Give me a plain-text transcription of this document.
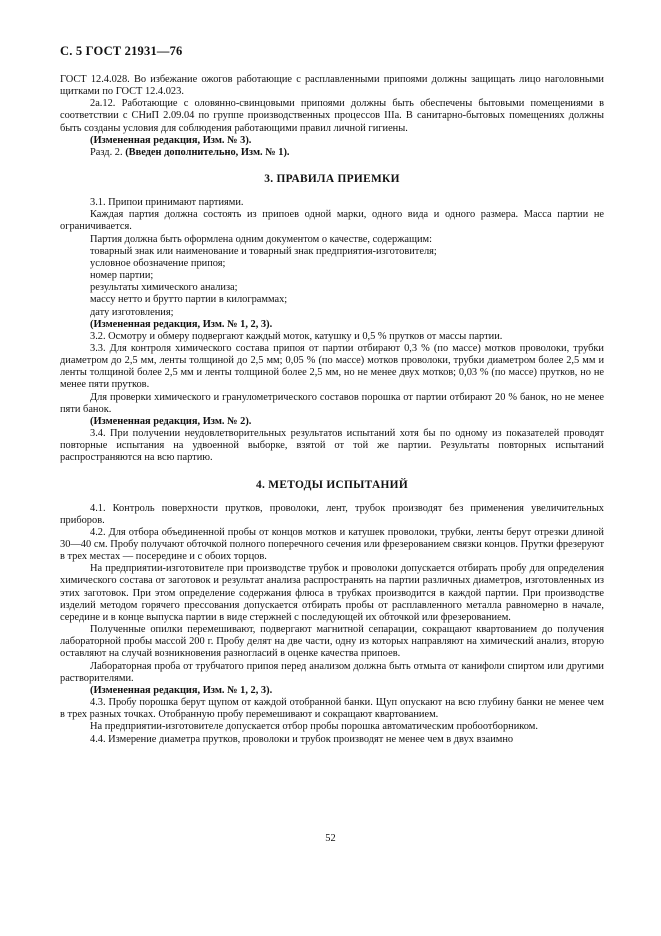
С. 5 ГОСТ 21931—76

ГОСТ 12.4.028. Во избежание ожогов работающие с расплавленными припоями должны защищать лицо наголовными щитками по ГОСТ 12.4.023.

2а.12. Работающие с оловянно-свинцовыми припоями должны быть обеспечены бытовыми помещениями в соответствии с СНиП 2.09.04 по группе производственных процессов IIIа. В санитарно-бытовых помещениях должны быть созданы условия для соблюдения работающими правил личной гигиены.

(Измененная редакция, Изм. № 3).

Разд. 2. (Введен дополнительно, Изм. № 1).

3. ПРАВИЛА ПРИЕМКИ

3.1. Припои принимают партиями.

Каждая партия должна состоять из припоев одной марки, одного вида и одного размера. Масса партии не ограничивается.

Партия должна быть оформлена одним документом о качестве, содержащим:

товарный знак или наименование и товарный знак предприятия-изготовителя;

условное обозначение припоя;

номер партии;

результаты химического анализа;

массу нетто и брутто партии в килограммах;

дату изготовления;

(Измененная редакция, Изм. № 1, 2, 3).

3.2. Осмотру и обмеру подвергают каждый моток, катушку и 0,5 % прутков от массы партии.

3.3. Для контроля химического состава припоя от партии отбирают 0,3 % (по массе) мотков проволоки, трубки диаметром до 2,5 мм, ленты толщиной до 2,5 мм; 0,05 % (по массе) мотков проволоки, трубки диаметром более 2,5 мм и ленты толщиной более 2,5 мм и ленты толщиной более 2,5 мм, но не менее двух мотков; 0,03 % (по массе) прутков, но не менее пяти прутков.

Для проверки химического и гранулометрического составов порошка от партии отбирают 20 % банок, но не менее пяти банок.

(Измененная редакция, Изм. № 2).

3.4. При получении неудовлетворительных результатов испытаний хотя бы по одному из показателей проводят повторные испытания на удвоенной выборке, взятой от той же партии. Результаты повторных испытаний распространяются на всю партию.

4. МЕТОДЫ ИСПЫТАНИЙ

4.1. Контроль поверхности прутков, проволоки, лент, трубок производят без применения увеличительных приборов.

4.2. Для отбора объединенной пробы от концов мотков и катушек проволоки, трубки, ленты берут отрезки длиной 30—40 см. Пробу получают обточкой полного поперечного сечения или фрезерованием связки концов. Прутки фрезеруют в трех местах — посередине и с обоих торцов.

На предприятии-изготовителе при производстве трубок и проволоки допускается отбирать пробу для определения химического состава от заготовок и результат анализа распространять на партии различных диаметров, изготовленных из этих заготовок. При этом определение содержания флюса в трубках производится в каждой партии. При производстве изделий методом горячего прессования допускается отбирать пробы от расплавленного металла равномерно в начале, середине и в конце выпуска партии в виде стержней с последующей их обточкой или фрезерованием.

Полученные опилки перемешивают, подвергают магнитной сепарации, сокращают квартованием до получения лабораторной пробы массой 200 г. Пробу делят на две части, одну из которых направляют на химический анализ, вторую оставляют на случай возникновения разногласий в оценке качества припоев.

Лабораторная проба от трубчатого припоя перед анализом должна быть отмыта от канифоли спиртом или другими растворителями.

(Измененная редакция, Изм. № 1, 2, 3).

4.3. Пробу порошка берут щупом от каждой отобранной банки. Щуп опускают на всю глубину банки не менее чем в трех разных точках. Отобранную пробу перемешивают и сокращают квартованием.

На предприятии-изготовителе допускается отбор пробы порошка автоматическим пробоотборником.

4.4. Измерение диаметра прутков, проволоки и трубок производят не менее чем в двух взаимно

52
